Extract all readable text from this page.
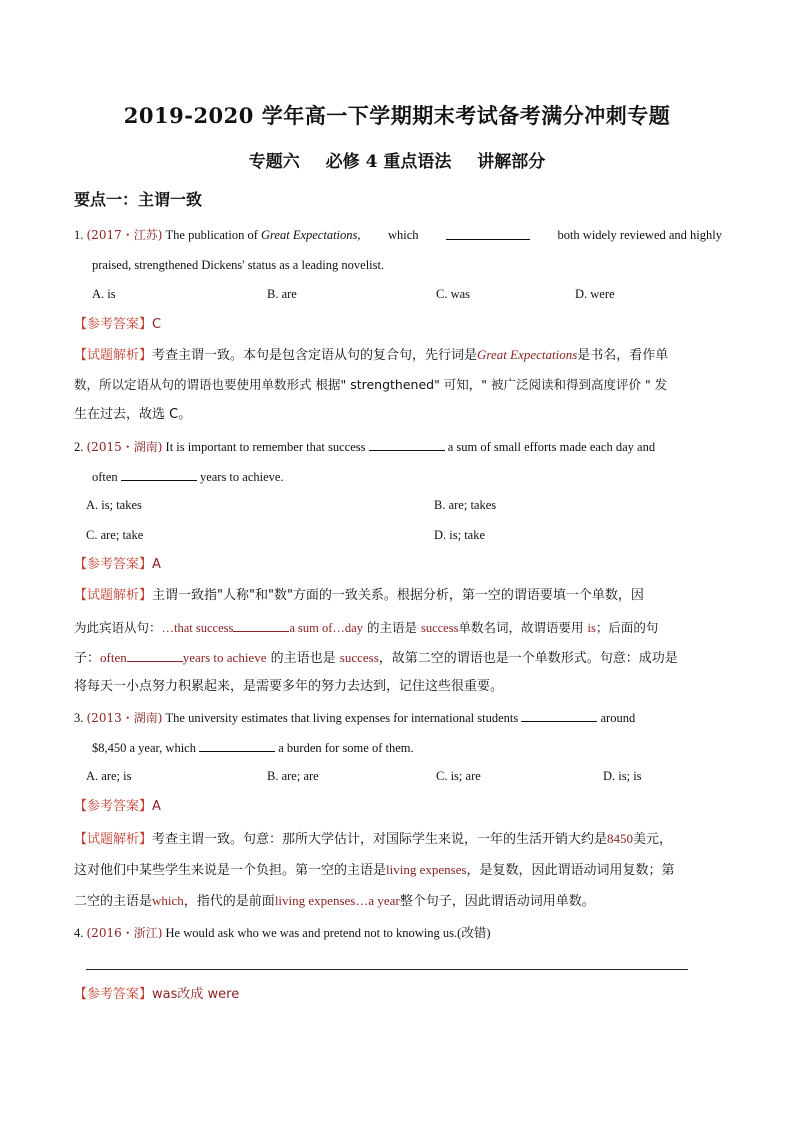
2019-2020 学年高一下学期期末考试备考满分冲刺专题
专题六 必修 4 重点语法 讲解部分
要点一：主谓一致
1. (2017・江苏) The publication of Great Expectations, which	both widely reviewed and highly
praised, strengthened Dickens' status as a leading novelist.
A. is	B. are	C. was	D. were
【参考答案】C
【试题解析】考查主谓一致。本句是包含定语从句的复合句，先行词是Great Expectations是书名，看作单
数，所以定语从句的谓语也要使用单数形式 根据" strengthened" 可知，" 被广泛阅读和得到高度评价 " 发
生在过去，故选 C。
2. (2015・湖南) It is important to remember that success	a sum of small efforts made each day and
often	years to achieve.
A. is; takes	B. are; takes
C. are; take	D. is; take
【参考答案】A
【试题解析】主谓一致指"人称"和"数"方面的一致关系。根据分析，第一空的谓语要填一个单数，因
为此宾语从句：…that success	a sum of…day 的主语是 success单数名词，故谓语要用 is；后面的句
子：often	years to achieve 的主语也是 success，故第二空的谓语也是一个单数形式。句意：成功是
将每天一小点努力积累起来，是需要多年的努力去达到，记住这些很重要。
3. (2013・湖南) The university estimates that living expenses for international students	around
$8,450 a year, which	a burden for some of them.
A. are; is	B. are; are	C. is; are	D. is; is
【参考答案】A
【试题解析】考查主谓一致。句意：那所大学估计，对国际学生来说，一年的生活开销大约是8450美元，
这对他们中某些学生来说是一个负担。第一空的主语是living expenses，是复数，因此谓语动词用复数；第
二空的主语是which，指代的是前面living expenses…a year整个句子，因此谓语动词用单数。
4. (2016・浙江) He would ask who we was and pretend not to knowing us.(改错)
【参考答案】was改成 were
